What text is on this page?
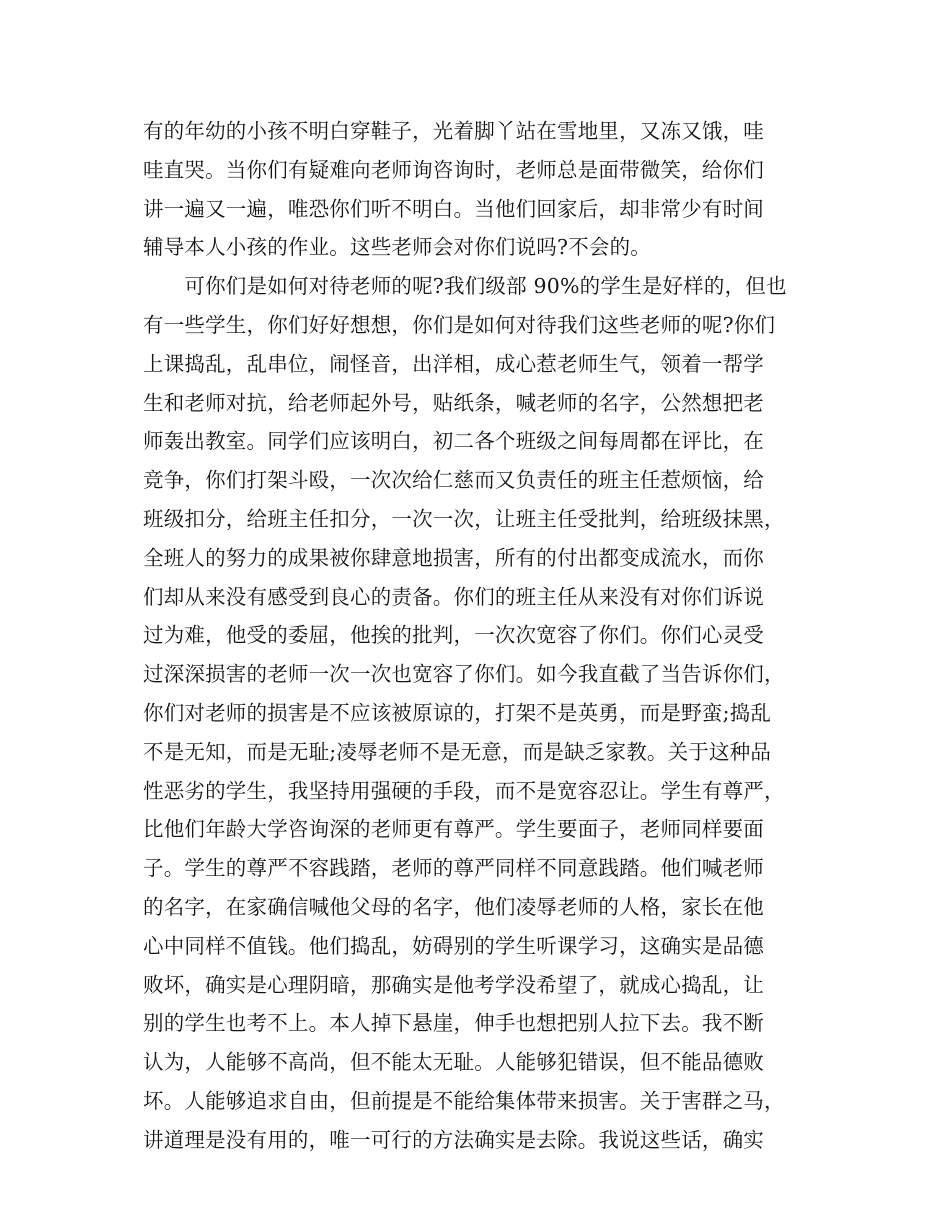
有的年幼的小孩不明白穿鞋子，光着脚丫站在雪地里，又冻又饿，哇
哇直哭。当你们有疑难向老师询咨询时，老师总是面带微笑，给你们
讲一遍又一遍，唯恐你们听不明白。当他们回家后，却非常少有时间
辅导本人小孩的作业。这些老师会对你们说吗?不会的。
　　可你们是如何对待老师的呢?我们级部 90%的学生是好样的，但也
有一些学生，你们好好想想，你们是如何对待我们这些老师的呢?你们
上课捣乱，乱串位，闹怪音，出洋相，成心惹老师生气，领着一帮学
生和老师对抗，给老师起外号，贴纸条，喊老师的名字，公然想把老
师轰出教室。同学们应该明白，初二各个班级之间每周都在评比，在
竞争，你们打架斗殴，一次次给仁慈而又负责任的班主任惹烦恼，给
班级扣分，给班主任扣分，一次一次，让班主任受批判，给班级抹黑，
全班人的努力的成果被你肆意地损害，所有的付出都变成流水，而你
们却从来没有感受到良心的责备。你们的班主任从来没有对你们诉说
过为难，他受的委屈，他挨的批判，一次次宽容了你们。你们心灵受
过深深损害的老师一次一次也宽容了你们。如今我直截了当告诉你们，
你们对老师的损害是不应该被原谅的，打架不是英勇，而是野蛮;捣乱
不是无知，而是无耻;凌辱老师不是无意，而是缺乏家教。关于这种品
性恶劣的学生，我坚持用强硬的手段，而不是宽容忍让。学生有尊严，
比他们年龄大学咨询深的老师更有尊严。学生要面子，老师同样要面
子。学生的尊严不容践踏，老师的尊严同样不同意践踏。他们喊老师
的名字，在家确信喊他父母的名字，他们凌辱老师的人格，家长在他
心中同样不值钱。他们捣乱，妨碍别的学生听课学习，这确实是品德
败坏，确实是心理阴暗，那确实是他考学没希望了，就成心捣乱，让
别的学生也考不上。本人掉下悬崖，伸手也想把别人拉下去。我不断
认为，人能够不高尚，但不能太无耻。人能够犯错误，但不能品德败
坏。人能够追求自由，但前提是不能给集体带来损害。关于害群之马，
讲道理是没有用的，唯一可行的方法确实是去除。我说这些话，确实
